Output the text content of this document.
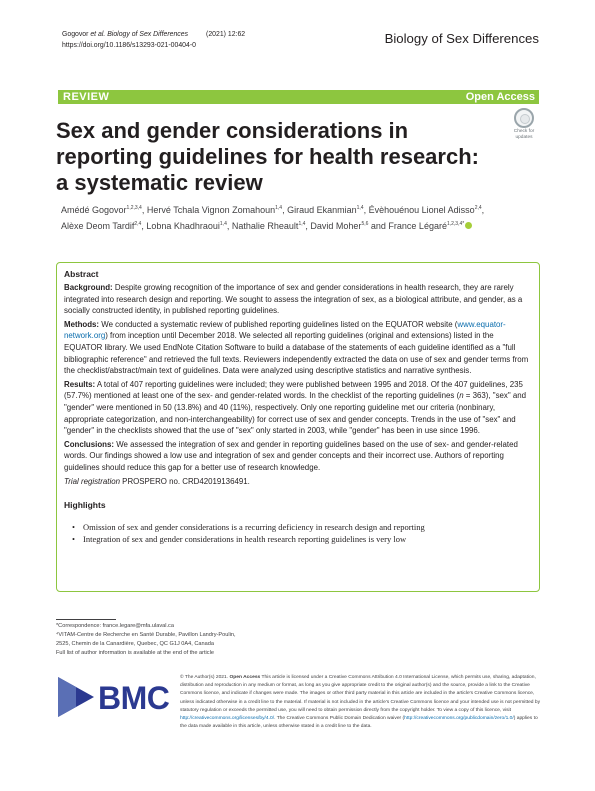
Gogovor et al. Biology of Sex Differences	(2021) 12:62
https://doi.org/10.1186/s13293-021-00404-0	Biology of Sex Differences
REVIEW	Open Access
Sex and gender considerations in reporting guidelines for health research: a systematic review
Check for
updates
Amédé Gogovor$^{1,2,3,4}$, Hervé Tchala Vignon Zomahoun$^{1,4}$, Giraud Ekanmian$^{1,4}$, Évèhouénou Lionel Adisso$^{2,4}$,
Alèxe Deom Tardif$^{2,4}$, Lobna Khadhraoui$^{1,4}$, Nathalie Rheault$^{1,4}$, David Moher$^{5,6}$ and France Légaré$^{1,2,3,4*}$
Abstract

Background: Despite growing recognition of the importance of sex and gender considerations in health research, they are rarely integrated into research design and reporting. We sought to assess the integration of sex, as a biological attribute, and gender, as a socially constructed identity, in published reporting guidelines.

Methods: We conducted a systematic review of published reporting guidelines listed on the EQUATOR website (www.equator-network.org) from inception until December 2018. We selected all reporting guidelines (original and extensions) listed in the EQUATOR library. We used EndNote Citation Software to build a database of the statements of each guideline identified as a "full bibliographic reference" and retrieved the full texts. Reviewers independently extracted the data on use of sex and gender terms from the checklist/abstract/main text of guidelines. Data were analyzed using descriptive statistics and narrative synthesis.

Results: A total of 407 reporting guidelines were included; they were published between 1995 and 2018. Of the 407 guidelines, 235 (57.7%) mentioned at least one of the sex- and gender-related words. In the checklist of the reporting guidelines (n = 363), "sex" and "gender" were mentioned in 50 (13.8%) and 40 (11%), respectively. Only one reporting guideline met our criteria (nonbinary, appropriate categorization, and non-interchangeability) for correct use of sex and gender concepts. Trends in the use of "sex" and "gender" in the checklists showed that the use of "sex" only started in 2003, while "gender" has been in use since 1996.

Conclusions: We assessed the integration of sex and gender in reporting guidelines based on the use of sex- and gender-related words. Our findings showed a low use and integration of sex and gender concepts and their incorrect use. Authors of reporting guidelines should reduce this gap for a better use of research knowledge.

Trial registration PROSPERO no. CRD42019136491.

Highlights
• Omission of sex and gender considerations is a recurring deficiency in research design and reporting
• Integration of sex and gender considerations in health research reporting guidelines is very low
*Correspondence: france.legare@mfa.ulaval.ca
⁴VITAM-Centre de Recherche en Santé Durable, Pavillon Landry-Poulin,
2525, Chemin de la Canardière, Quebec, QC G1J 0A4, Canada
Full list of author information is available at the end of the article
BMC
© The Author(s) 2021. Open Access This article is licensed under a Creative Commons Attribution 4.0 International License, which permits use, sharing, adaptation, distribution and reproduction in any medium or format, as long as you give appropriate credit to the original author(s) and the source, provide a link to the Creative Commons licence, and indicate if changes were made. The images or other third party material in this article are included in the article's Creative Commons licence, unless indicated otherwise in a credit line to the material. If material is not included in the article's Creative Commons licence and your intended use is not permitted by statutory regulation or exceeds the permitted use, you will need to obtain permission directly from the copyright holder. To view a copy of this licence, visit http://creativecommons.org/licenses/by/4.0/. The Creative Commons Public Domain Dedication waiver (http://creativecommons.org/publicdomain/zero/1.0/) applies to the data made available in this article, unless otherwise stated in a credit line to the data.
